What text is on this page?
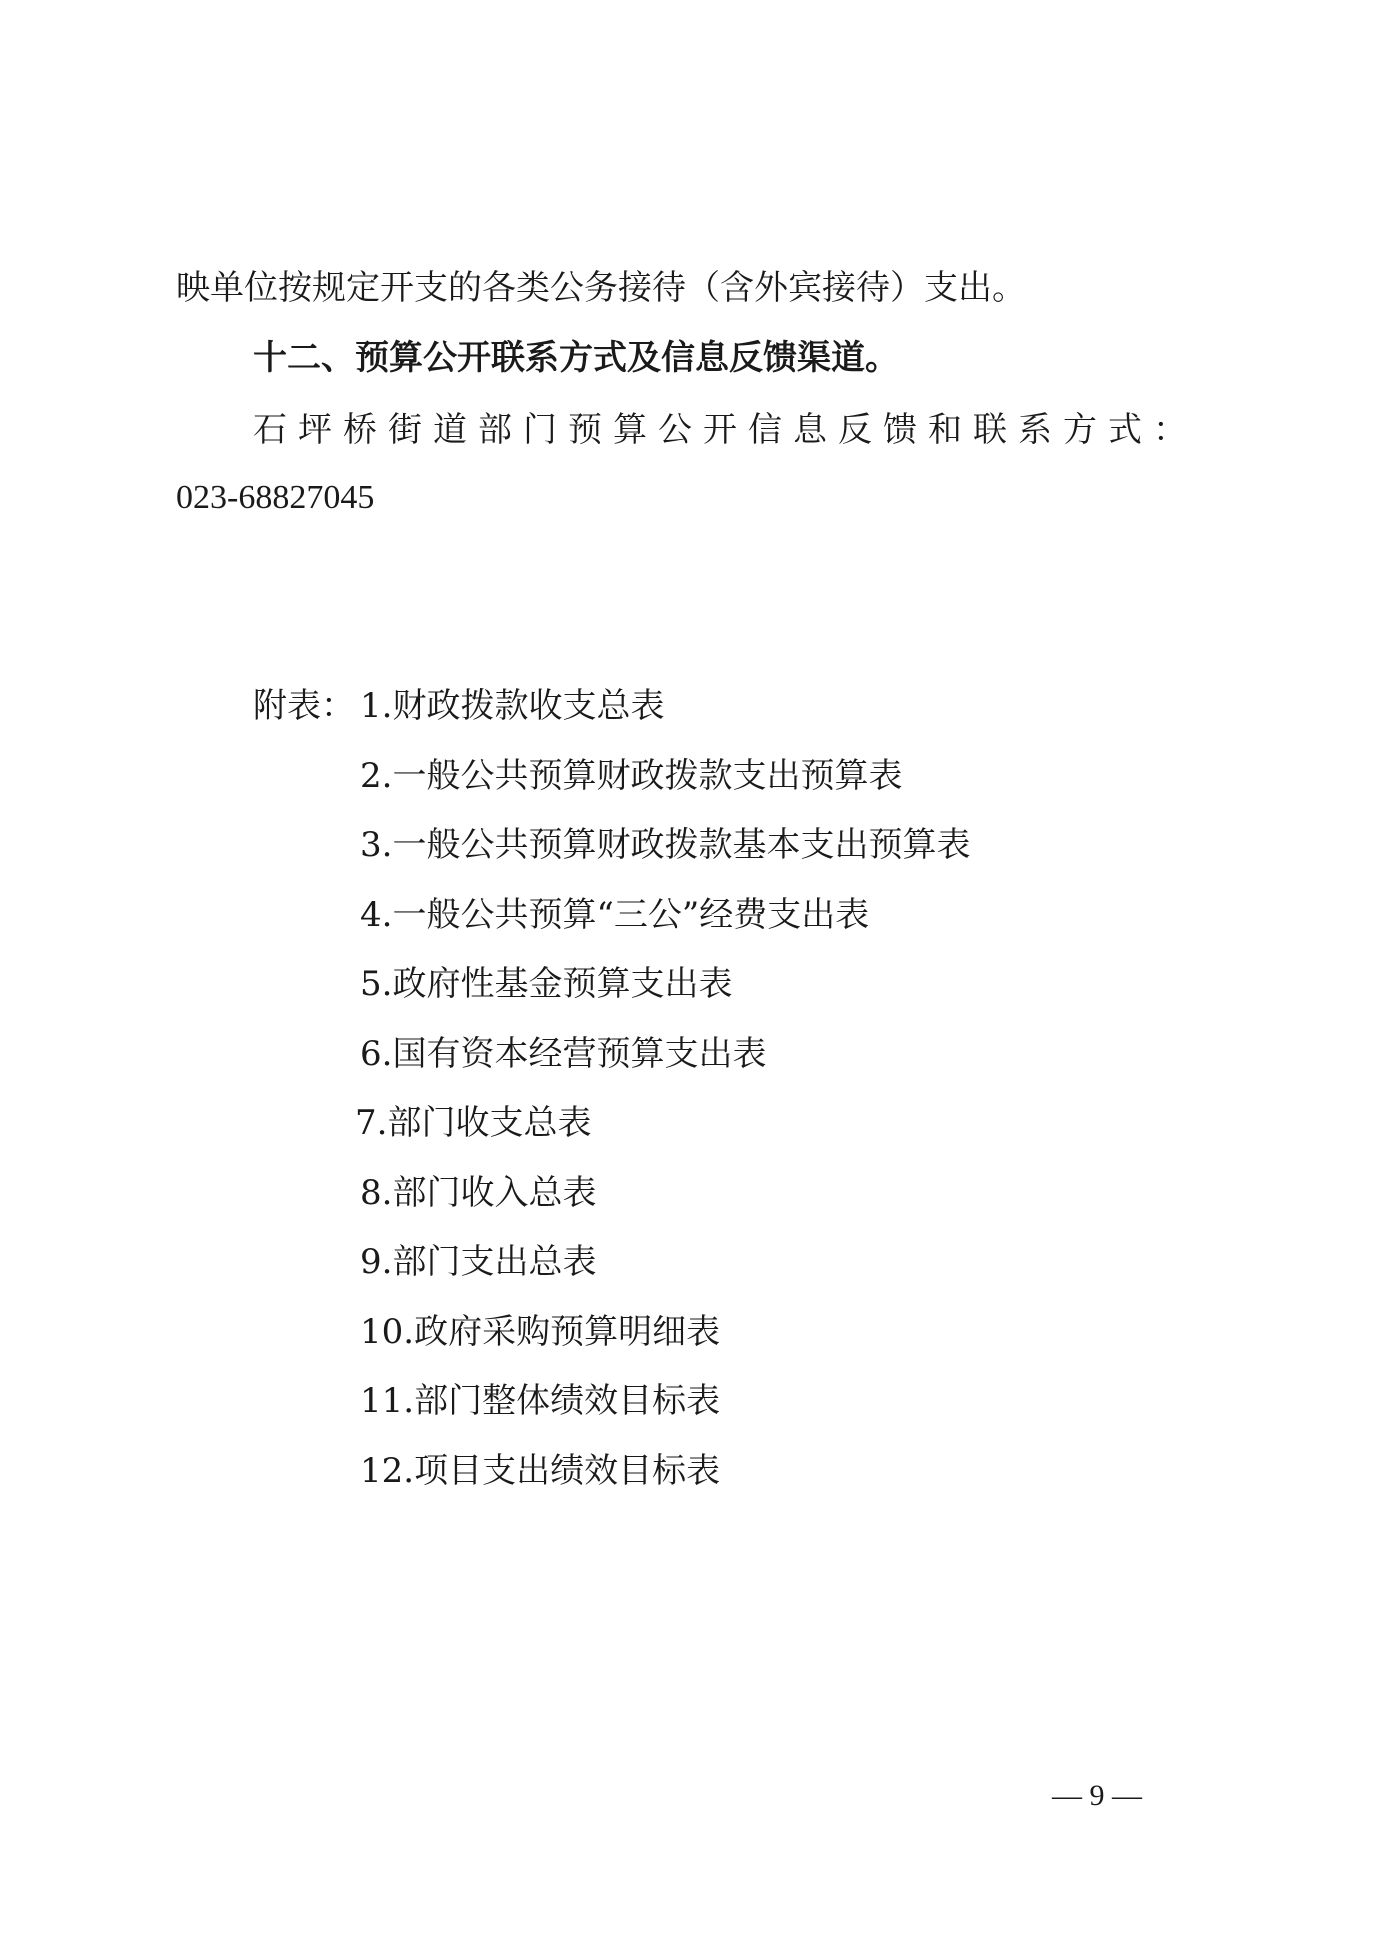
映单位按规定开支的各类公务接待（含外宾接待）支出。

十二、预算公开联系方式及信息反馈渠道。

石坪桥街道部门预算公开信息反馈和联系方式：

023-68827045

附表： 1.财政拨款收支总表
2.一般公共预算财政拨款支出预算表
3.一般公共预算财政拨款基本支出预算表
4.一般公共预算“三公”经费支出表
5.政府性基金预算支出表
6.国有资本经营预算支出表
7.部门收支总表
8.部门收入总表
9.部门支出总表
10.政府采购预算明细表
11.部门整体绩效目标表
12.项目支出绩效目标表
— 9 —
